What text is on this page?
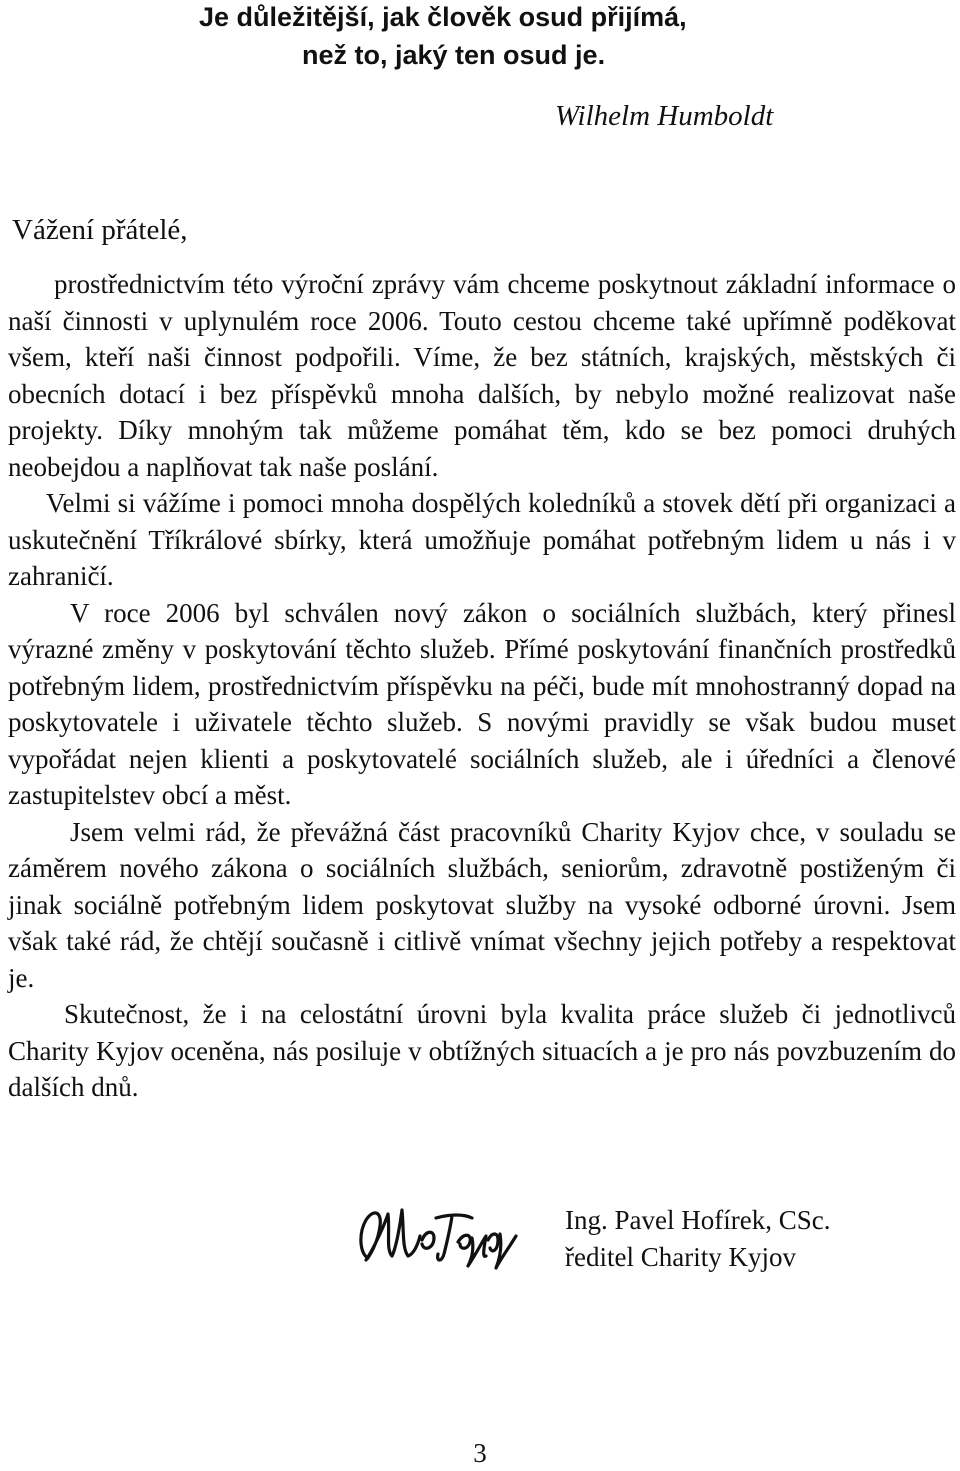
Je důležitější, jak člověk osud přijímá,
než to, jaký ten osud je.
Wilhelm Humboldt
Vážení přátelé,

prostřednictvím této výroční zprávy vám chceme poskytnout základní informace o naší činnosti v uplynulém roce 2006. Touto cestou chceme také upřímně poděkovat všem, kteří naši činnost podpořili. Víme, že bez státních, krajských, městských či obecních dotací i bez příspěvků mnoha dalších, by nebylo možné realizovat naše projekty. Díky mnohým tak můžeme pomáhat těm, kdo se bez pomoci druhých neobejdou a naplňovat tak naše poslání.

Velmi si vážíme i pomoci mnoha dospělých koledníků a stovek dětí při organizaci a uskutečnění Tříkrálové sbírky, která umožňuje pomáhat potřebným lidem u nás i v zahraničí.

V roce 2006 byl schválen nový zákon o sociálních službách, který přinesl výrazné změny v poskytování těchto služeb. Přímé poskytování finančních prostředků potřebným lidem, prostřednictvím příspěvku na péči, bude mít mnohostranný dopad na poskytovatele i uživatele těchto služeb. S novými pravidly se však budou muset vypořádat nejen klienti a poskytovatelé sociálních služeb, ale i úředníci a členové zastupitelstev obcí a měst.

Jsem velmi rád, že převážná část pracovníků Charity Kyjov chce, v souladu se záměrem nového zákona o sociálních službách, seniorům, zdravotně postiženým či jinak sociálně potřebným lidem poskytovat služby na vysoké odborné úrovni. Jsem však také rád, že chtějí současně i citlivě vnímat všechny jejich potřeby a respektovat je.

Skutečnost, že i na celostátní úrovni byla kvalita práce služeb či jednotlivců Charity Kyjov oceněna, nás posiluje v obtížných situacích a je pro nás povzbuzením do dalších dnů.

Ing. Pavel Hofírek, CSc.
ředitel Charity Kyjov
3
